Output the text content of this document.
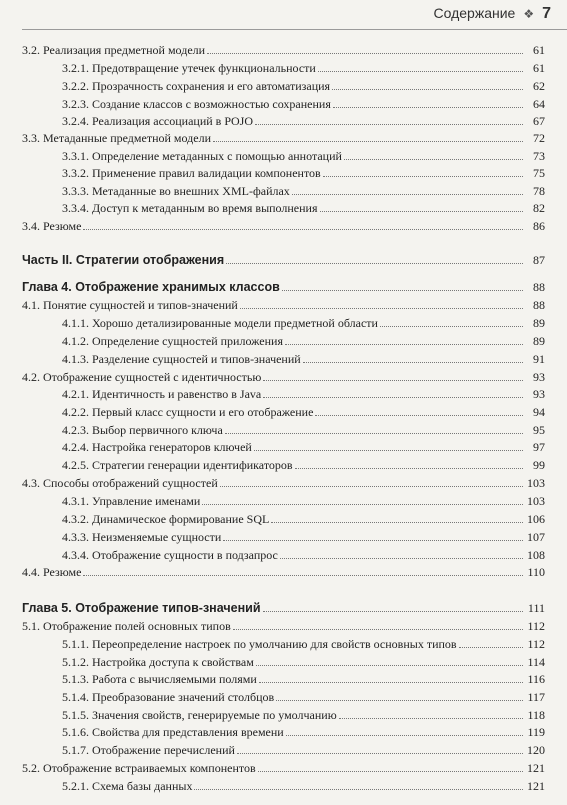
Содержание ❖ 7
3.2. Реализация предметной модели	61
3.2.1. Предотвращение утечек функциональности	61
3.2.2. Прозрачность сохранения и его автоматизация	62
3.2.3. Создание классов с возможностью сохранения	64
3.2.4. Реализация ассоциаций в POJO	67
3.3. Метаданные предметной модели	72
3.3.1. Определение метаданных с помощью аннотаций	73
3.3.2. Применение правил валидации компонентов	75
3.3.3. Метаданные во внешних XML-файлах	78
3.3.4. Доступ к метаданным во время выполнения	82
3.4. Резюме	86
Часть II. Стратегии отображения	87
Глава 4. Отображение хранимых классов	88
4.1. Понятие сущностей и типов-значений	88
4.1.1. Хорошо детализированные модели предметной области	89
4.1.2. Определение сущностей приложения	89
4.1.3. Разделение сущностей и типов-значений	91
4.2. Отображение сущностей с идентичностью	93
4.2.1. Идентичность и равенство в Java	93
4.2.2. Первый класс сущности и его отображение	94
4.2.3. Выбор первичного ключа	95
4.2.4. Настройка генераторов ключей	97
4.2.5. Стратегии генерации идентификаторов	99
4.3. Способы отображений сущностей	103
4.3.1. Управление именами	103
4.3.2. Динамическое формирование SQL	106
4.3.3. Неизменяемые сущности	107
4.3.4. Отображение сущности в подзапрос	108
4.4. Резюме	110
Глава 5. Отображение типов-значений	111
5.1. Отображение полей основных типов	112
5.1.1. Переопределение настроек по умолчанию для свойств основных типов	112
5.1.2. Настройка доступа к свойствам	114
5.1.3. Работа с вычисляемыми полями	116
5.1.4. Преобразование значений столбцов	117
5.1.5. Значения свойств, генерируемые по умолчанию	118
5.1.6. Свойства для представления времени	119
5.1.7. Отображение перечислений	120
5.2. Отображение встраиваемых компонентов	121
5.2.1. Схема базы данных	121
